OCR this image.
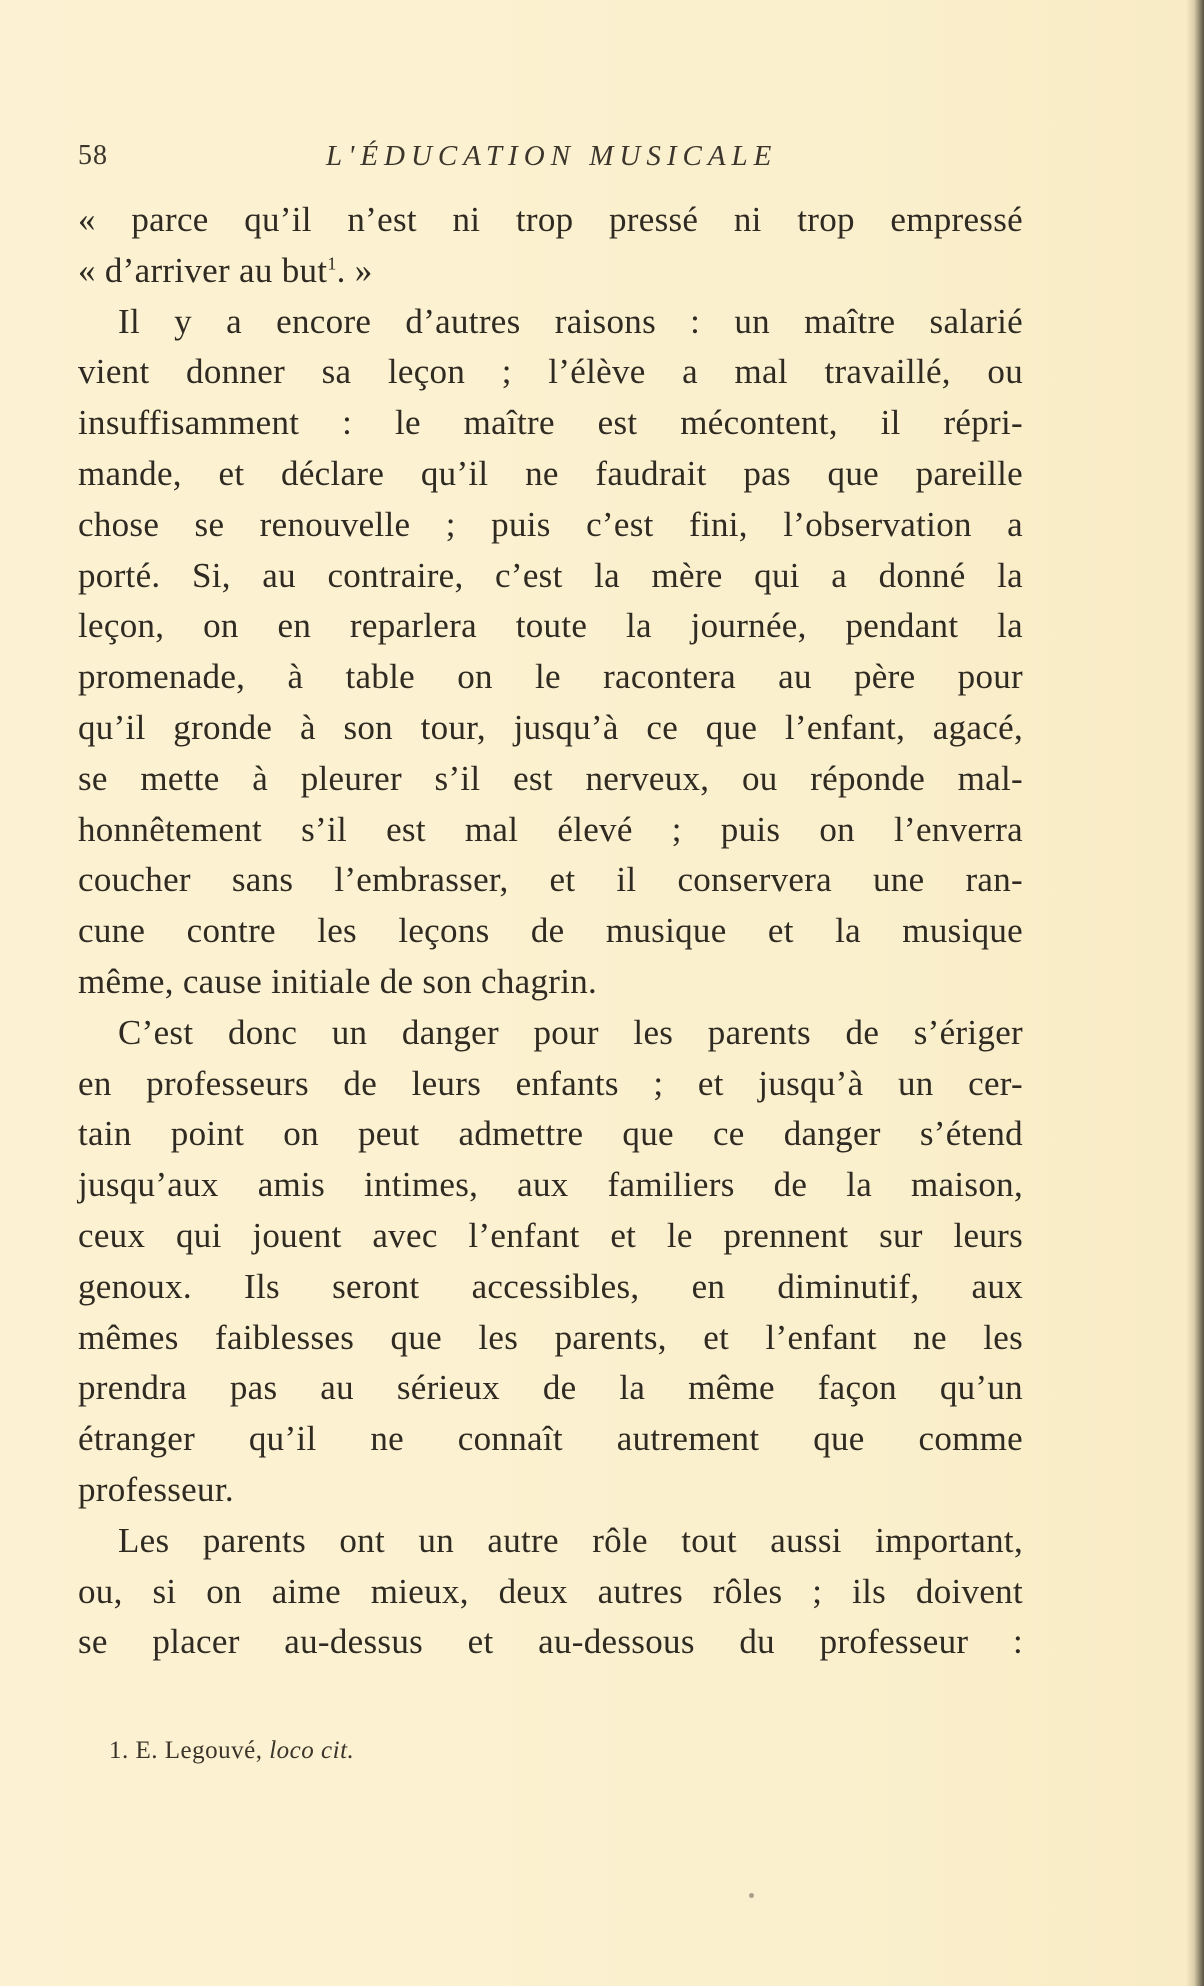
58	L'ÉDUCATION MUSICALE
« parce qu’il n’est ni trop pressé ni trop empressé
« d’arriver au but$^1$. »
Il y a encore d’autres raisons : un maître salarié
vient donner sa leçon ; l’élève a mal travaillé, ou
insuffisamment : le maître est mécontent, il répri-
mande, et déclare qu’il ne faudrait pas que pareille
chose se renouvelle ; puis c’est fini, l’observation a
porté. Si, au contraire, c’est la mère qui a donné la
leçon, on en reparlera toute la journée, pendant la
promenade, à table on le racontera au père pour
qu’il gronde à son tour, jusqu’à ce que l’enfant, agacé,
se mette à pleurer s’il est nerveux, ou réponde mal-
honnêtement s’il est mal élevé ; puis on l’enverra
coucher sans l’embrasser, et il conservera une ran-
cune contre les leçons de musique et la musique
même, cause initiale de son chagrin.
C’est donc un danger pour les parents de s’ériger
en professeurs de leurs enfants ; et jusqu’à un cer-
tain point on peut admettre que ce danger s’étend
jusqu’aux amis intimes, aux familiers de la maison,
ceux qui jouent avec l’enfant et le prennent sur leurs
genoux. Ils seront accessibles, en diminutif, aux
mêmes faiblesses que les parents, et l’enfant ne les
prendra pas au sérieux de la même façon qu’un
étranger qu’il ne connaît autrement que comme
professeur.
Les parents ont un autre rôle tout aussi important,
ou, si on aime mieux, deux autres rôles ; ils doivent
se placer au-dessus et au-dessous du professeur :
1. E. Legouvé, loco cit.
